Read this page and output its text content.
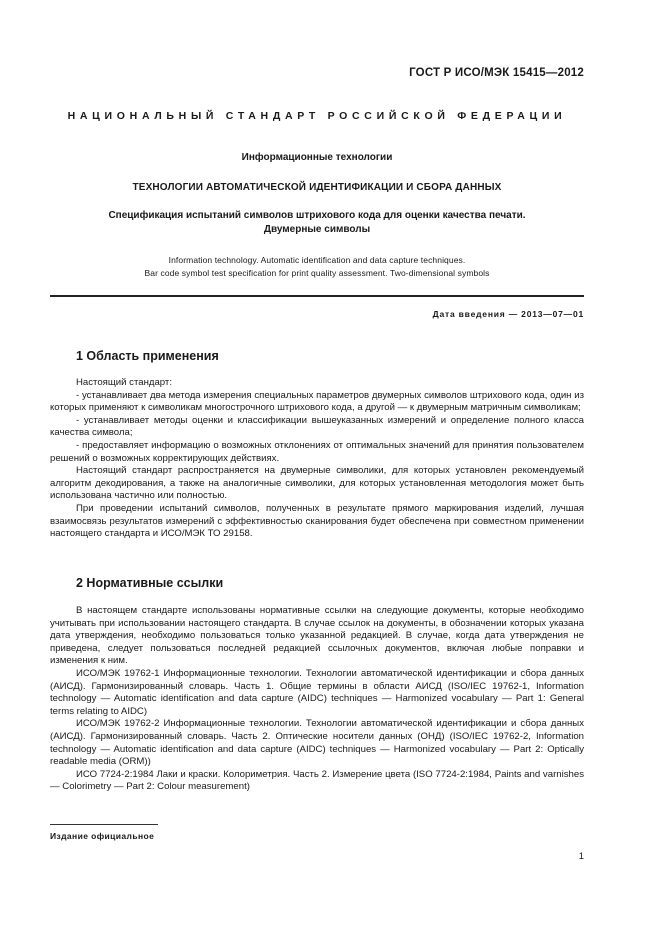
ГОСТ Р ИСО/МЭК 15415—2012
НАЦИОНАЛЬНЫЙ СТАНДАРТ РОССИЙСКОЙ ФЕДЕРАЦИИ
Информационные технологии
ТЕХНОЛОГИИ АВТОМАТИЧЕСКОЙ ИДЕНТИФИКАЦИИ И СБОРА ДАННЫХ
Спецификация испытаний символов штрихового кода для оценки качества печати.
Двумерные символы
Information technology. Automatic identification and data capture techniques.
Bar code symbol test specification for print quality assessment. Two-dimensional symbols
Дата введения — 2013—07—01
1 Область применения

Настоящий стандарт:

- устанавливает два метода измерения специальных параметров двумерных символов штрихового кода, один из которых применяют к символикам многострочного штрихового кода, а другой — к двумерным матричным символикам;

- устанавливает методы оценки и классификации вышеуказанных измерений и определение полного класса качества символа;

- предоставляет информацию о возможных отклонениях от оптимальных значений для принятия пользователем решений о возможных корректирующих действиях.

Настоящий стандарт распространяется на двумерные символики, для которых установлен рекомендуемый алгоритм декодирования, а также на аналогичные символики, для которых установленная методология может быть использована частично или полностью.

При проведении испытаний символов, полученных в результате прямого маркирования изделий, лучшая взаимосвязь результатов измерений с эффективностью сканирования будет обеспечена при совместном применении настоящего стандарта и ИСО/МЭК ТО 29158.

2 Нормативные ссылки

В настоящем стандарте использованы нормативные ссылки на следующие документы, которые необходимо учитывать при использовании настоящего стандарта. В случае ссылок на документы, в обозначении которых указана дата утверждения, необходимо пользоваться только указанной редакцией. В случае, когда дата утверждения не приведена, следует пользоваться последней редакцией ссылочных документов, включая любые поправки и изменения к ним.

ИСО/МЭК 19762-1 Информационные технологии. Технологии автоматической идентификации и сбора данных (АИСД). Гармонизированный словарь. Часть 1. Общие термины в области АИСД (ISO/IEC 19762-1, Information technology — Automatic identification and data capture (AIDC) techniques — Harmonized vocabulary — Part 1: General terms relating to AIDC)

ИСО/МЭК 19762-2 Информационные технологии. Технологии автоматической идентификации и сбора данных (АИСД). Гармонизированный словарь. Часть 2. Оптические носители данных (ОНД) (ISO/IEC 19762-2, Information technology — Automatic identification and data capture (AIDC) techniques — Harmonized vocabulary — Part 2: Optically readable media (ORM))

ИСО 7724-2:1984 Лаки и краски. Колориметрия. Часть 2. Измерение цвета (ISO 7724-2:1984, Paints and varnishes — Colorimetry — Part 2: Colour measurement)

Издание официальное
1
